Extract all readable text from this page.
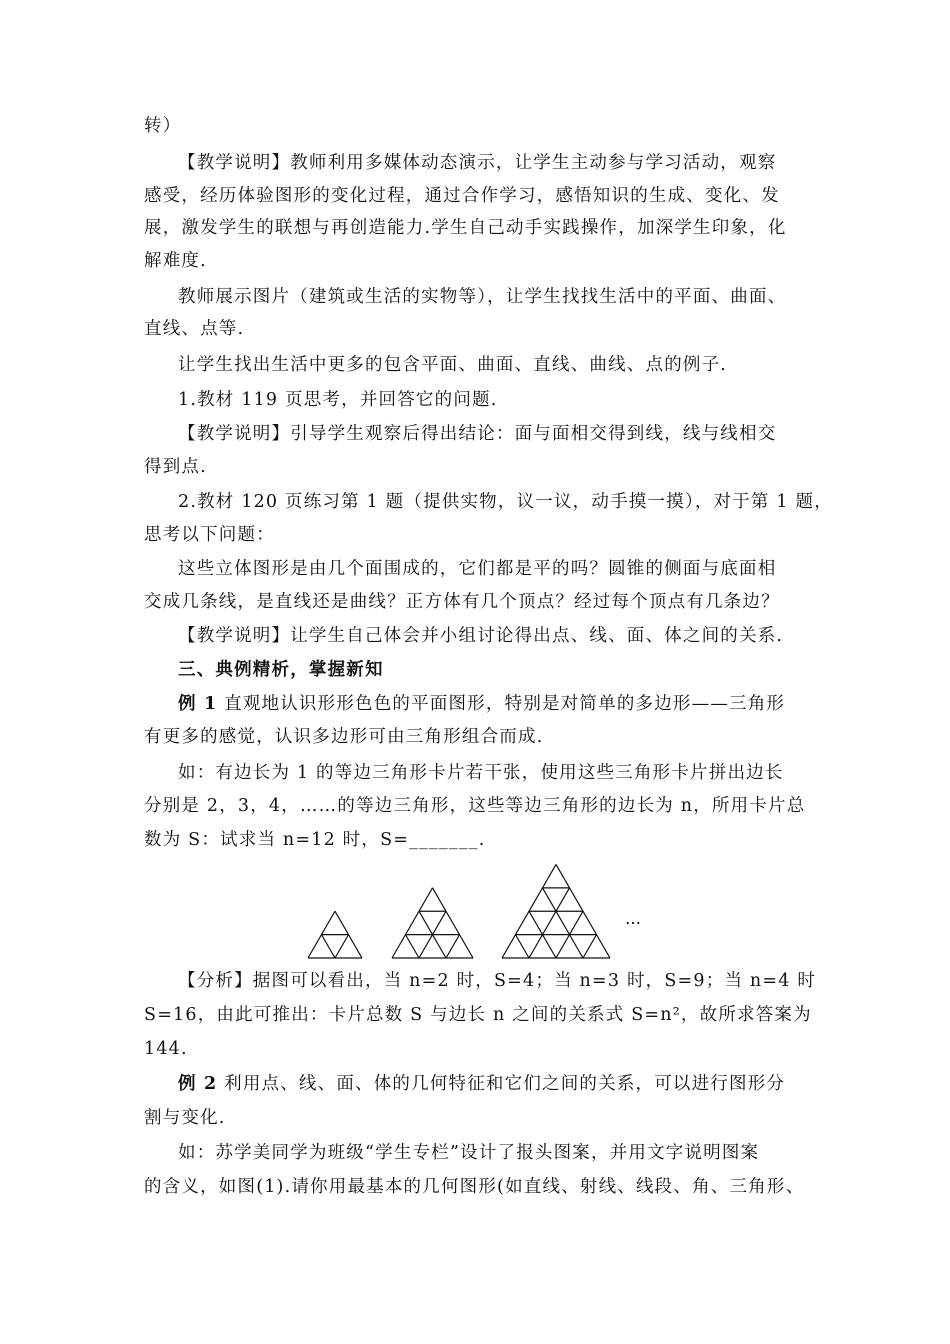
转）
【教学说明】教师利用多媒体动态演示，让学生主动参与学习活动，观察
感受，经历体验图形的变化过程，通过合作学习，感悟知识的生成、变化、发
展，激发学生的联想与再创造能力.学生自己动手实践操作，加深学生印象，化
解难度.
教师展示图片（建筑或生活的实物等），让学生找找生活中的平面、曲面、
直线、点等.
让学生找出生活中更多的包含平面、曲面、直线、曲线、点的例子.
1.教材 119 页思考，并回答它的问题.
【教学说明】引导学生观察后得出结论：面与面相交得到线，线与线相交
得到点.
2.教材 120 页练习第 1 题（提供实物，议一议，动手摸一摸），对于第 1 题，
思考以下问题：
这些立体图形是由几个面围成的，它们都是平的吗？圆锥的侧面与底面相
交成几条线，是直线还是曲线？正方体有几个顶点？经过每个顶点有几条边？
【教学说明】让学生自己体会并小组讨论得出点、线、面、体之间的关系.
三、典例精析，掌握新知
例 1 直观地认识形形色色的平面图形，特别是对简单的多边形——三角形
有更多的感觉，认识多边形可由三角形组合而成.
如：有边长为 1 的等边三角形卡片若干张，使用这些三角形卡片拼出边长
分别是 2，3，4，……的等边三角形，这些等边三角形的边长为 n，所用卡片总
数为 S：试求当 n=12 时，S=_______.
…
【分析】据图可以看出，当 n=2 时，S=4；当 n=3 时，S=9；当 n=4 时
S=16，由此可推出：卡片总数 S 与边长 n 之间的关系式 S=n²，故所求答案为
144.
例 2 利用点、线、面、体的几何特征和它们之间的关系，可以进行图形分
割与变化.
如：苏学美同学为班级“学生专栏”设计了报头图案，并用文字说明图案
的含义，如图(1).请你用最基本的几何图形(如直线、射线、线段、角、三角形、
